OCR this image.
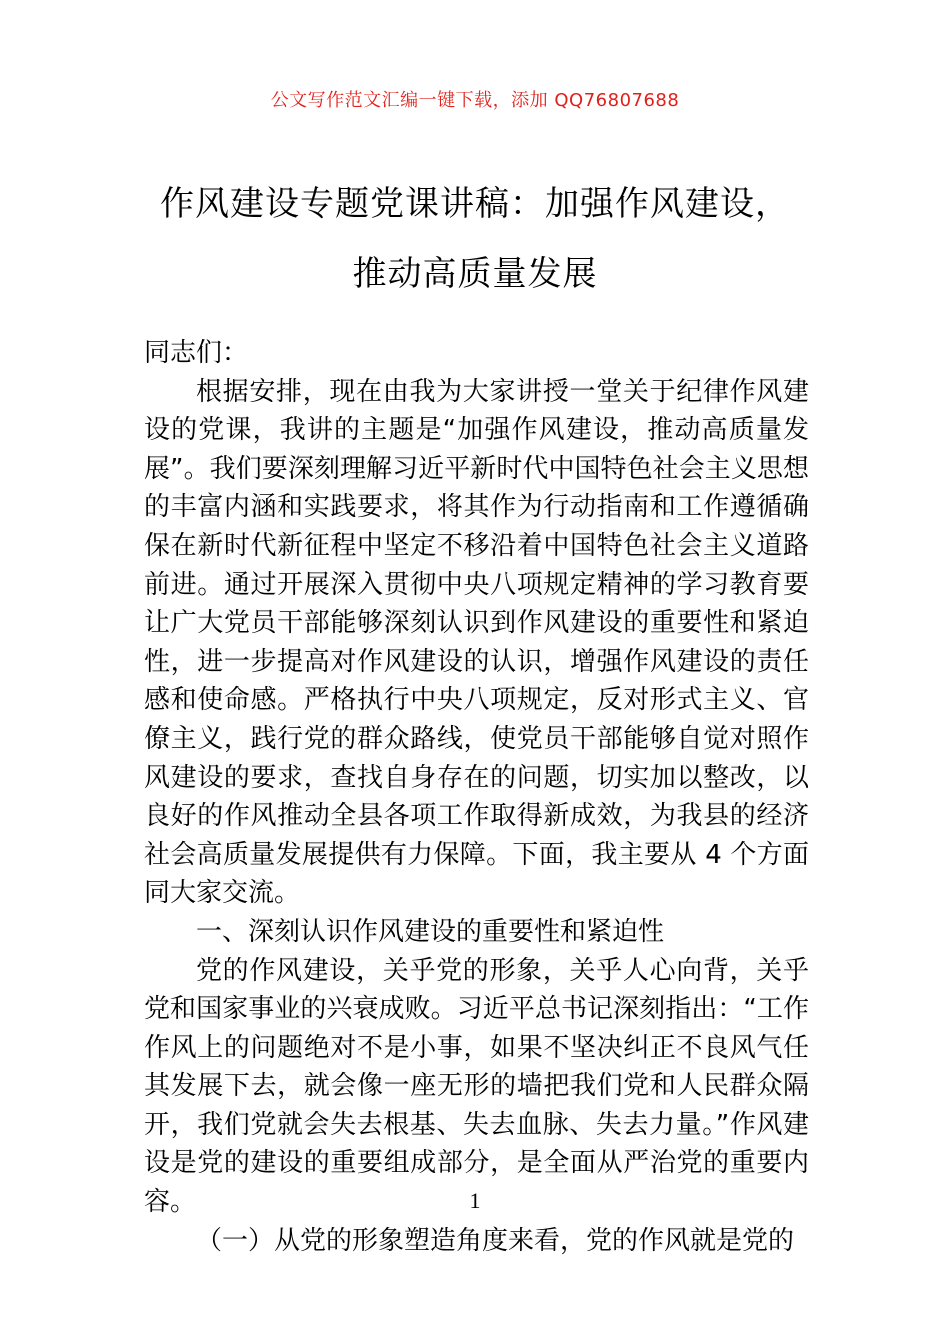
公文写作范文汇编一键下载，添加 QQ76807688
作风建设专题党课讲稿：加强作风建设，
推动高质量发展

同志们：

根据安排，现在由我为大家讲授一堂关于纪律作风建设的党课，我讲的主题是“加强作风建设，推动高质量发展”。我们要深刻理解习近平新时代中国特色社会主义思想的丰富内涵和实践要求，将其作为行动指南和工作遵循确保在新时代新征程中坚定不移沿着中国特色社会主义道路前进。通过开展深入贯彻中央八项规定精神的学习教育要让广大党员干部能够深刻认识到作风建设的重要性和紧迫性，进一步提高对作风建设的认识，增强作风建设的责任感和使命感。严格执行中央八项规定，反对形式主义、官僚主义，践行党的群众路线，使党员干部能够自觉对照作风建设的要求，查找自身存在的问题，切实加以整改，以良好的作风推动全县各项工作取得新成效，为我县的经济社会高质量发展提供有力保障。下面，我主要从 4 个方面同大家交流。

一、深刻认识作风建设的重要性和紧迫性

党的作风建设，关乎党的形象，关乎人心向背，关乎党和国家事业的兴衰成败。习近平总书记深刻指出：“工作作风上的问题绝对不是小事，如果不坚决纠正不良风气任其发展下去，就会像一座无形的墙把我们党和人民群众隔开，我们党就会失去根基、失去血脉、失去力量。”作风建设是党的建设的重要组成部分，是全面从严治党的重要内容。

（一）从党的形象塑造角度来看，党的作风就是党的

1
